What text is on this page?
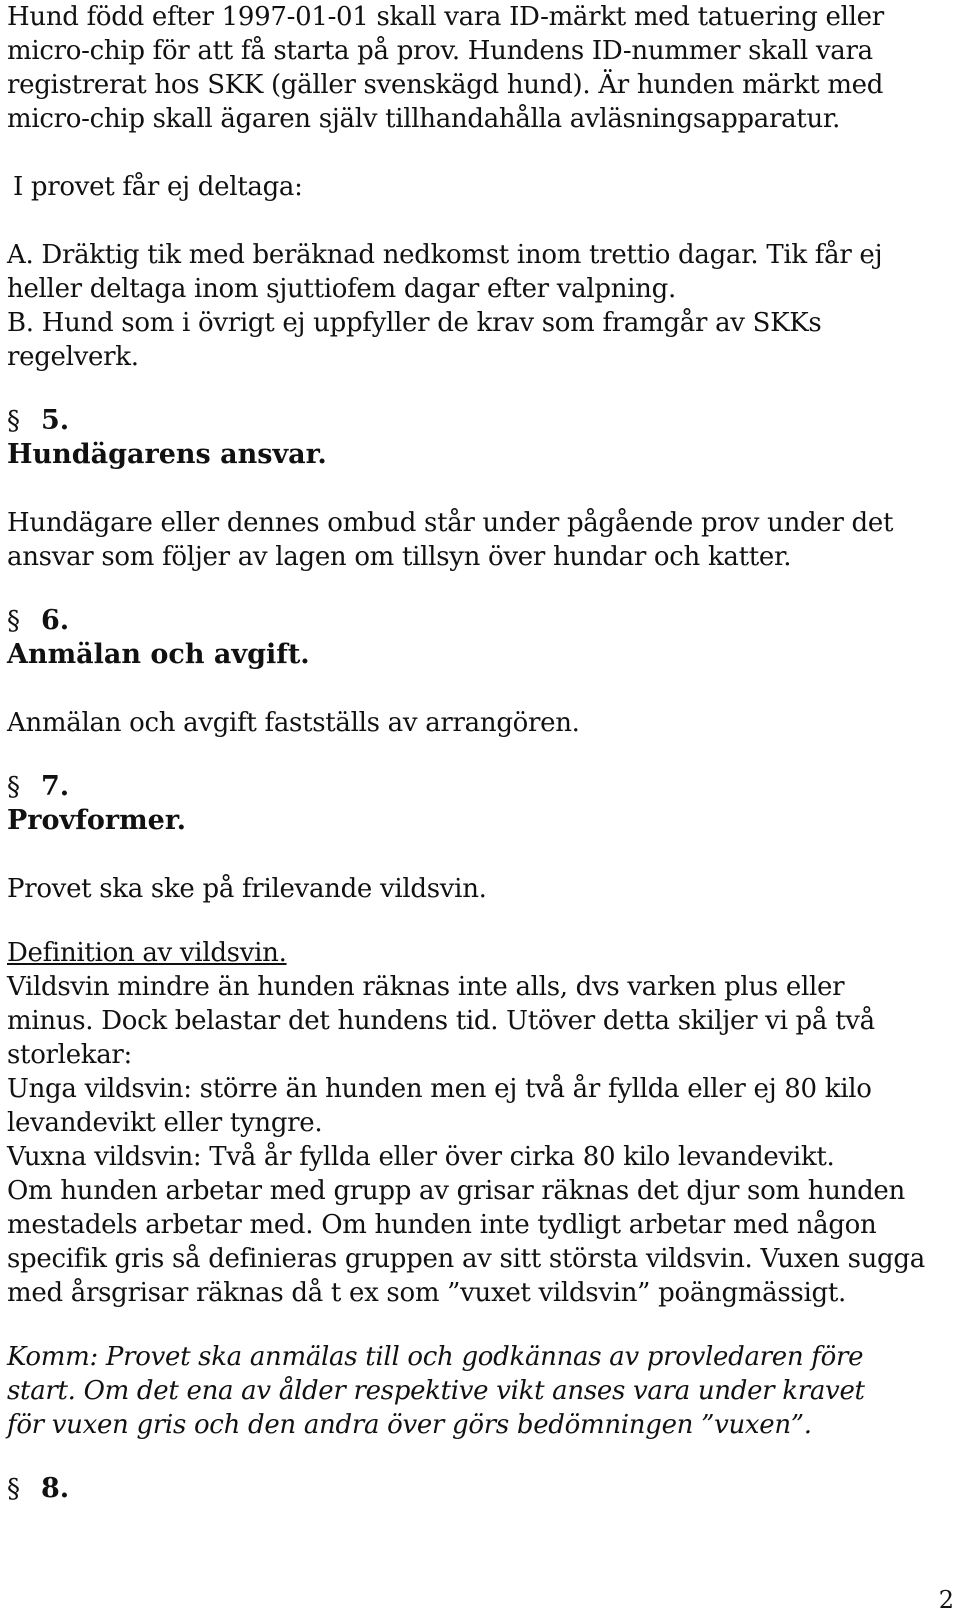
Hund född efter 1997-01-01 skall vara ID-märkt med tatuering eller
micro-chip för att få starta på prov. Hundens ID-nummer skall vara
registrerat hos SKK (gäller svenskägd hund). Är hunden märkt med
micro-chip skall ägaren själv tillhandahålla avläsningsapparatur.
I provet får ej deltaga:
A. Dräktig tik med beräknad nedkomst inom trettio dagar. Tik får ej
heller deltaga inom sjuttiofem dagar efter valpning.
B. Hund som i övrigt ej uppfyller de krav som framgår av SKKs
regelverk.
§ 5.
Hundägarens ansvar.
Hundägare eller dennes ombud står under pågående prov under det
ansvar som följer av lagen om tillsyn över hundar och katter.
§ 6.
Anmälan och avgift.
Anmälan och avgift fastställs av arrangören.
§ 7.
Provformer.
Provet ska ske på frilevande vildsvin.
Definition av vildsvin.
Vildsvin mindre än hunden räknas inte alls, dvs varken plus eller
minus. Dock belastar det hundens tid. Utöver detta skiljer vi på två
storlekar:
Unga vildsvin: större än hunden men ej två år fyllda eller ej 80 kilo
levandevikt eller tyngre.
Vuxna vildsvin: Två år fyllda eller över cirka 80 kilo levandevikt.
Om hunden arbetar med grupp av grisar räknas det djur som hunden
mestadels arbetar med. Om hunden inte tydligt arbetar med någon
specifik gris så definieras gruppen av sitt största vildsvin. Vuxen sugga
med årsgrisar räknas då t ex som ”vuxet vildsvin” poängmässigt.
Komm: Provet ska anmälas till och godkännas av provledaren före
start. Om det ena av ålder respektive vikt anses vara under kravet
för vuxen gris och den andra över görs bedömningen ”vuxen”.
§ 8.
2
